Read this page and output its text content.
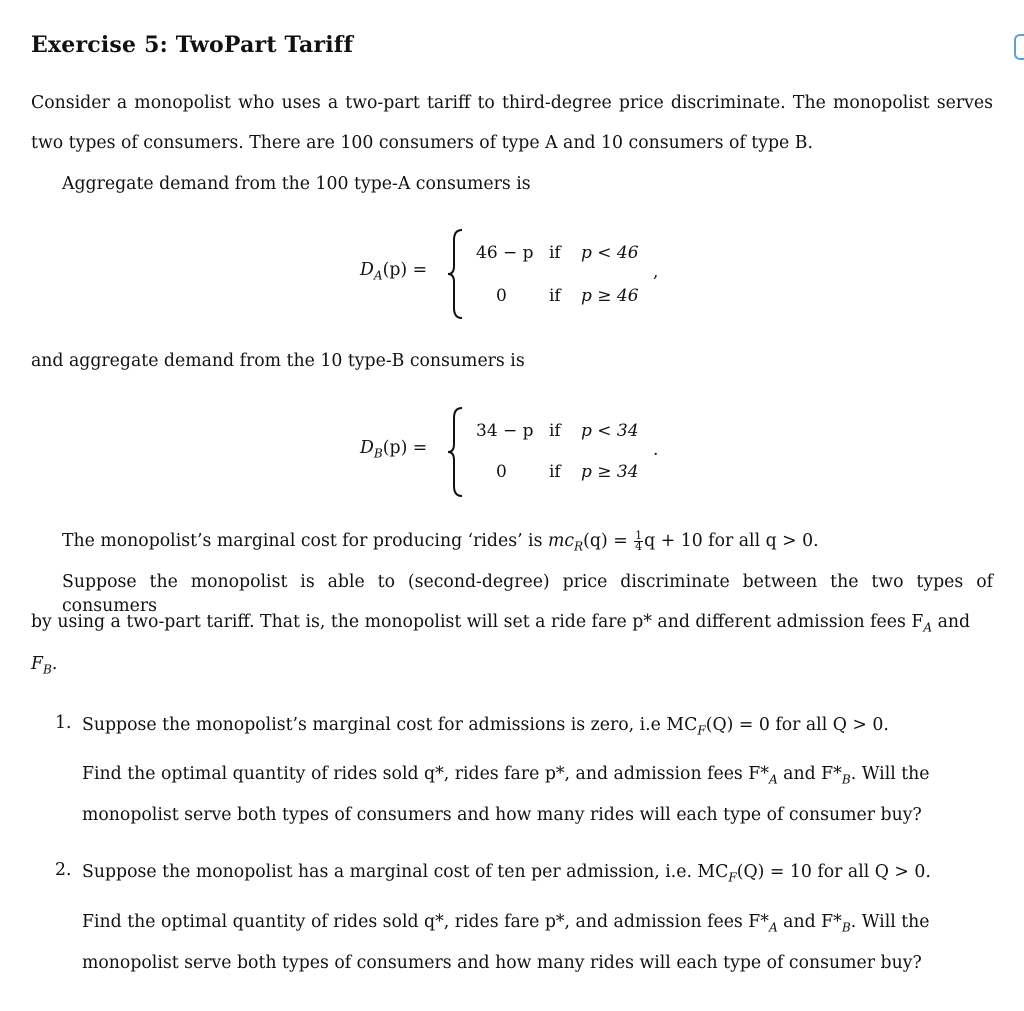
Exercise 5: TwoPart Tariff
Consider a monopolist who uses a two-part tariff to third-degree price discriminate. The monopolist serves
two types of consumers. There are 100 consumers of type A and 10 consumers of type B.
Aggregate demand from the 100 type-A consumers is
$D_A(p)$ =
46 − p if p < 46
0 if p ≥ 46
,
and aggregate demand from the 10 type-B consumers is
$D_B(p)$ =
34 − p if p < 34
0 if p ≥ 34
.
The monopolist’s marginal cost for producing ‘rides’ is $mc_R(q) = \frac{1}{4}$ q + 10 for all q > 0.
Suppose the monopolist is able to (second-degree) price discriminate between the two types of consumers
by using a two-part tariff. That is, the monopolist will set a ride fare p* and different admission fees $F_A$ and
$F_B$.
1. Suppose the monopolist’s marginal cost for admissions is zero, i.e $MC_F(Q) = 0$ for all Q > 0.
Find the optimal quantity of rides sold q*, rides fare p*, and admission fees $F*_A$ and $F*_B$. Will the
monopolist serve both types of consumers and how many rides will each type of consumer buy?
2. Suppose the monopolist has a marginal cost of ten per admission, i.e. $MC_F(Q) = 10$ for all Q > 0.
Find the optimal quantity of rides sold q*, rides fare p*, and admission fees $F*_A$ and $F*_B$. Will the
monopolist serve both types of consumers and how many rides will each type of consumer buy?
